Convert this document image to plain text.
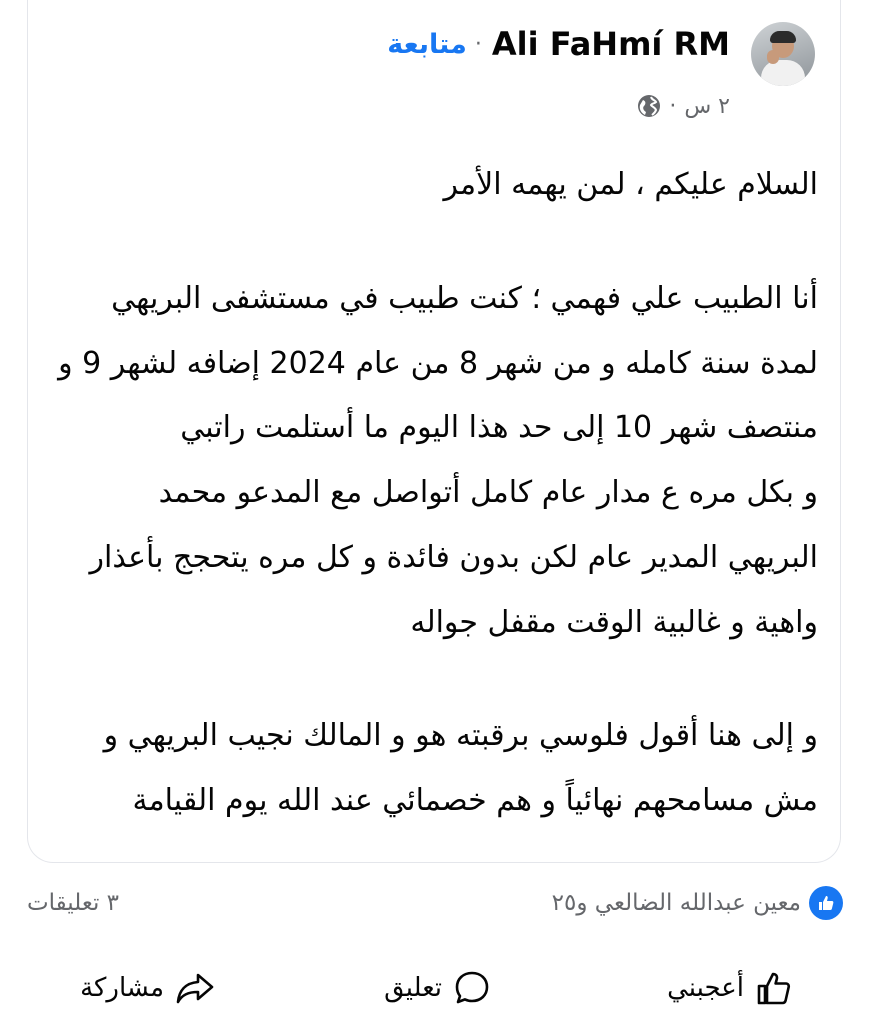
متابعة · Ali FaHmí RM
٢ س
·
السلام عليكم ، لمن يهمه الأمر
أنا الطبيب علي فهمي ؛ كنت طبيب في مستشفى البريهي
لمدة سنة كامله و من شهر 8 من عام 2024 إضافه لشهر 9 و
منتصف شهر 10 إلى حد هذا اليوم ما أستلمت راتبي
و بكل مره ع مدار عام كامل أتواصل مع المدعو محمد
البريهي المدير عام لكن بدون فائدة و كل مره يتحجج بأعذار
واهية و غالبية الوقت مقفل جواله
و إلى هنا أقول فلوسي برقبته هو و المالك نجيب البريهي و
مش مسامحهم نهائياً و هم خصمائي عند الله يوم القيامة
٣ تعليقات	معين عبدالله الضالعي و٢٥
أعجبني
تعليق
مشاركة
